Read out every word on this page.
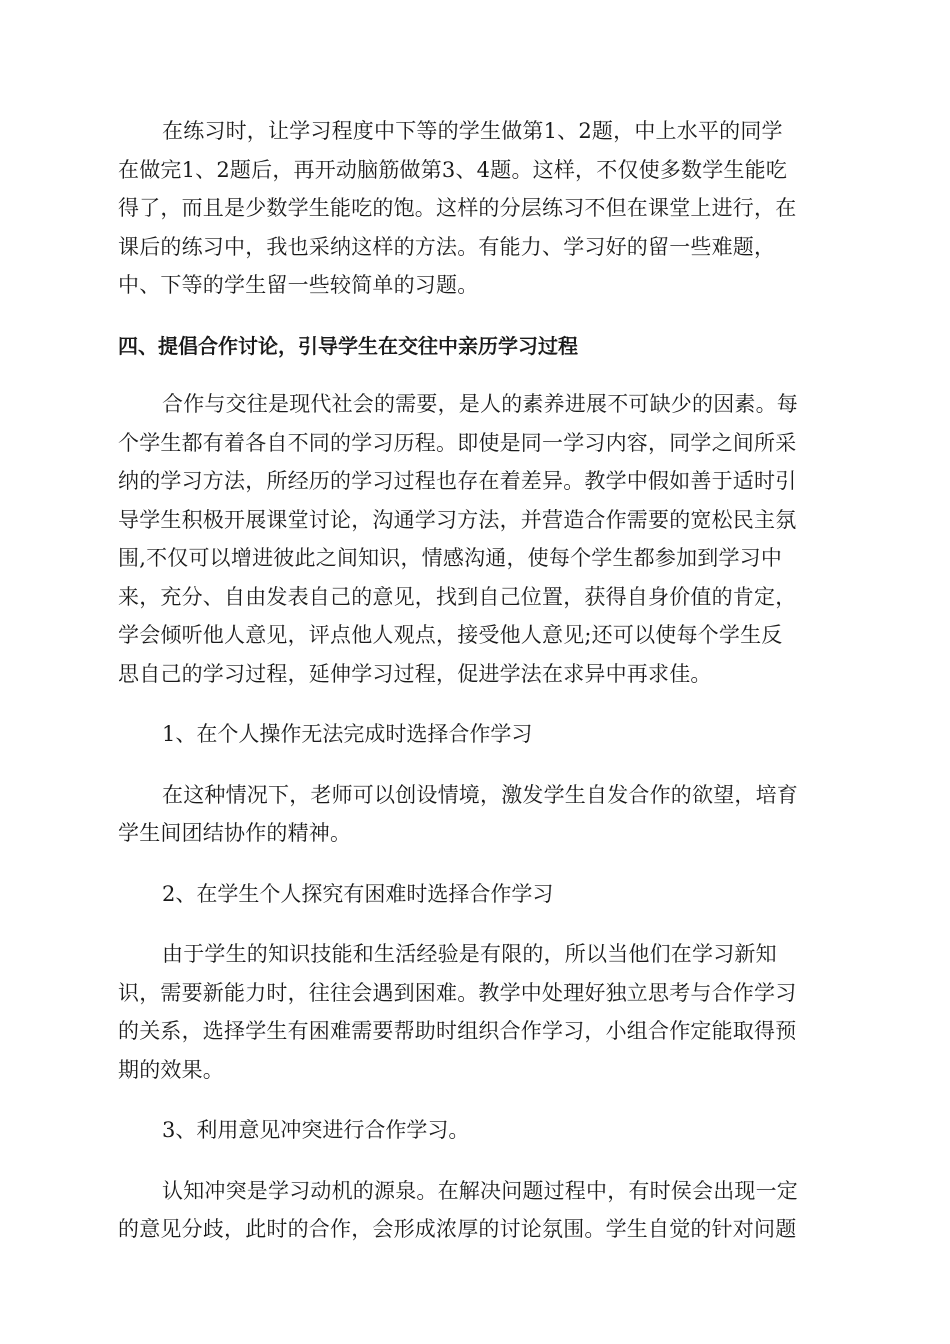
在练习时，让学习程度中下等的学生做第1、2题，中上水平的同学
在做完1、2题后，再开动脑筋做第3、4题。这样，不仅使多数学生能吃
得了，而且是少数学生能吃的饱。这样的分层练习不但在课堂上进行，在
课后的练习中，我也采纳这样的方法。有能力、学习好的留一些难题，
中、下等的学生留一些较简单的习题。
四、提倡合作讨论，引导学生在交往中亲历学习过程
合作与交往是现代社会的需要，是人的素养进展不可缺少的因素。每
个学生都有着各自不同的学习历程。即使是同一学习内容，同学之间所采
纳的学习方法，所经历的学习过程也存在着差异。教学中假如善于适时引
导学生积极开展课堂讨论，沟通学习方法，并营造合作需要的宽松民主氛
围,不仅可以增进彼此之间知识，情感沟通，使每个学生都参加到学习中
来，充分、自由发表自己的意见，找到自己位置，获得自身价值的肯定，
学会倾听他人意见，评点他人观点，接受他人意见;还可以使每个学生反
思自己的学习过程，延伸学习过程，促进学法在求异中再求佳。
1、在个人操作无法完成时选择合作学习
在这种情况下，老师可以创设情境，激发学生自发合作的欲望，培育
学生间团结协作的精神。
2、在学生个人探究有困难时选择合作学习
由于学生的知识技能和生活经验是有限的，所以当他们在学习新知
识，需要新能力时，往往会遇到困难。教学中处理好独立思考与合作学习
的关系，选择学生有困难需要帮助时组织合作学习，小组合作定能取得预
期的效果。
3、利用意见冲突进行合作学习。
认知冲突是学习动机的源泉。在解决问题过程中，有时侯会出现一定
的意见分歧，此时的合作，会形成浓厚的讨论氛围。学生自觉的针对问题
